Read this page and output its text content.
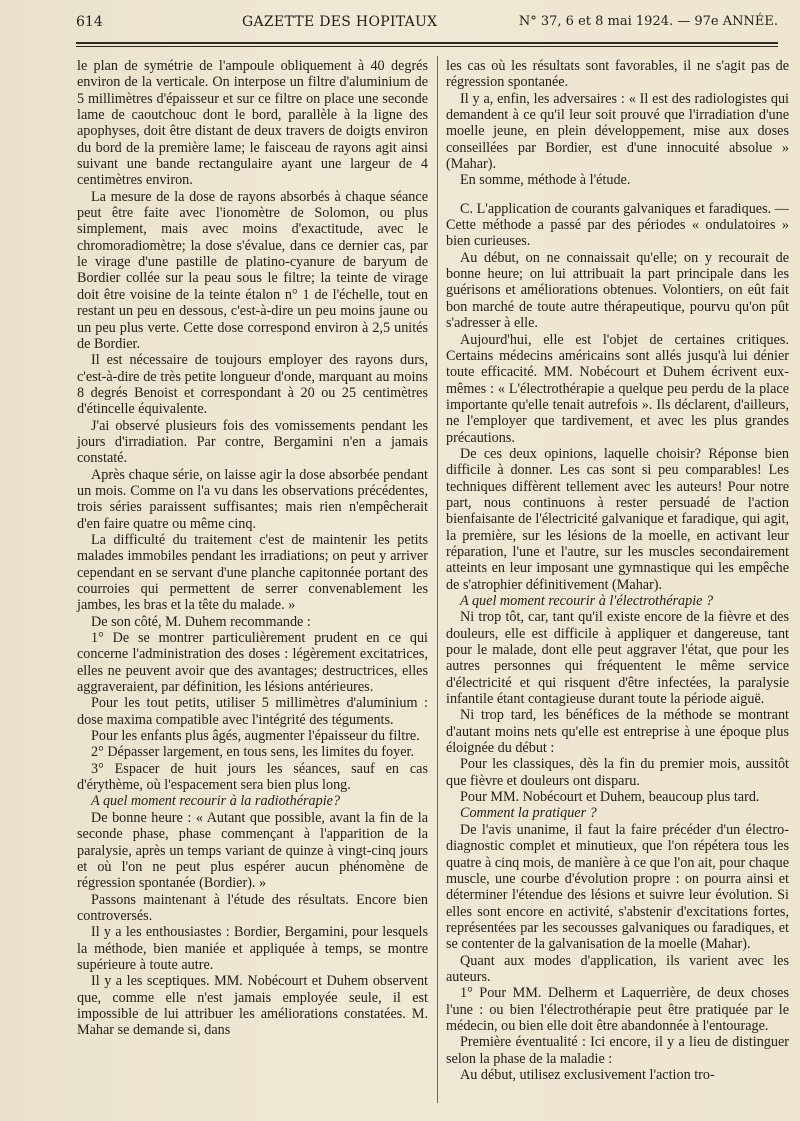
614	GAZETTE DES HOPITAUX	N° 37, 6 et 8 mai 1924. — 97e ANNÉE.

le plan de symétrie de l'ampoule obliquement à 40 degrés environ de la verticale. On interpose un filtre d'aluminium de 5 millimètres d'épaisseur et sur ce filtre on place une seconde lame de caoutchouc dont le bord, parallèle à la ligne des apophyses, doit être distant de deux travers de doigts environ du bord de la première lame; le faisceau de rayons agit ainsi suivant une bande rectangulaire ayant une largeur de 4 centimètres environ.

La mesure de la dose de rayons absorbés à chaque séance peut être faite avec l'ionomètre de Solomon, ou plus simplement, mais avec moins d'exactitude, avec le chromoradiomètre; la dose s'évalue, dans ce dernier cas, par le virage d'une pastille de platino-cyanure de baryum de Bordier collée sur la peau sous le filtre; la teinte de virage doit être voisine de la teinte étalon n° 1 de l'échelle, tout en restant un peu en dessous, c'est-à-dire un peu moins jaune ou un peu plus verte. Cette dose correspond environ à 2,5 unités de Bordier.

Il est nécessaire de toujours employer des rayons durs, c'est-à-dire de très petite longueur d'onde, marquant au moins 8 degrés Benoist et correspondant à 20 ou 25 centimètres d'étincelle équivalente.

J'ai observé plusieurs fois des vomissements pendant les jours d'irradiation. Par contre, Bergamini n'en a jamais constaté.

Après chaque série, on laisse agir la dose absorbée pendant un mois. Comme on l'a vu dans les observations précédentes, trois séries paraissent suffisantes; mais rien n'empêcherait d'en faire quatre ou même cinq.

La difficulté du traitement c'est de maintenir les petits malades immobiles pendant les irradiations; on peut y arriver cependant en se servant d'une planche capitonnée portant des courroies qui permettent de serrer convenablement les jambes, les bras et la tête du malade. »

De son côté, M. Duhem recommande :

1° De se montrer particulièrement prudent en ce qui concerne l'administration des doses : légèrement excitatrices, elles ne peuvent avoir que des avantages; destructrices, elles aggraveraient, par définition, les lésions antérieures.

Pour les tout petits, utiliser 5 millimètres d'aluminium : dose maxima compatible avec l'intégrité des téguments.

Pour les enfants plus âgés, augmenter l'épaisseur du filtre.

2° Dépasser largement, en tous sens, les limites du foyer.

3° Espacer de huit jours les séances, sauf en cas d'érythème, où l'espacement sera bien plus long.

A quel moment recourir à la radiothérapie?

De bonne heure : « Autant que possible, avant la fin de la seconde phase, phase commençant à l'apparition de la paralysie, après un temps variant de quinze à vingt-cinq jours et où l'on ne peut plus espérer aucun phénomène de régression spontanée (Bordier). »

Passons maintenant à l'étude des résultats. Encore bien controversés.

Il y a les enthousiastes : Bordier, Bergamini, pour lesquels la méthode, bien maniée et appliquée à temps, se montre supérieure à toute autre.

Il y a les sceptiques. MM. Nobécourt et Duhem observent que, comme elle n'est jamais employée seule, il est impossible de lui attribuer les améliorations constatées. M. Mahar se demande si, dans

les cas où les résultats sont favorables, il ne s'agit pas de régression spontanée.

Il y a, enfin, les adversaires : « Il est des radiologistes qui demandent à ce qu'il leur soit prouvé que l'irradiation d'une moelle jeune, en plein développement, mise aux doses conseillées par Bordier, est d'une innocuité absolue » (Mahar).

En somme, méthode à l'étude.

C. L'application de courants galvaniques et faradiques. — Cette méthode a passé par des périodes « ondulatoires » bien curieuses.

Au début, on ne connaissait qu'elle; on y recourait de bonne heure; on lui attribuait la part principale dans les guérisons et améliorations obtenues. Volontiers, on eût fait bon marché de toute autre thérapeutique, pourvu qu'on pût s'adresser à elle.

Aujourd'hui, elle est l'objet de certaines critiques. Certains médecins américains sont allés jusqu'à lui dénier toute efficacité. MM. Nobécourt et Duhem écrivent eux-mêmes : « L'électrothérapie a quelque peu perdu de la place importante qu'elle tenait autrefois ». Ils déclarent, d'ailleurs, ne l'employer que tardivement, et avec les plus grandes précautions.

De ces deux opinions, laquelle choisir? Réponse bien difficile à donner. Les cas sont si peu comparables! Les techniques diffèrent tellement avec les auteurs! Pour notre part, nous continuons à rester persuadé de l'action bienfaisante de l'électricité galvanique et faradique, qui agit, la première, sur les lésions de la moelle, en activant leur réparation, l'une et l'autre, sur les muscles secondairement atteints en leur imposant une gymnastique qui les empêche de s'atrophier définitivement (Mahar).

A quel moment recourir à l'électrothérapie ?

Ni trop tôt, car, tant qu'il existe encore de la fièvre et des douleurs, elle est difficile à appliquer et dangereuse, tant pour le malade, dont elle peut aggraver l'état, que pour les autres personnes qui fréquentent le même service d'électricité et qui risquent d'être infectées, la paralysie infantile étant contagieuse durant toute la période aiguë.

Ni trop tard, les bénéfices de la méthode se montrant d'autant moins nets qu'elle est entreprise à une époque plus éloignée du début :

Pour les classiques, dès la fin du premier mois, aussitôt que fièvre et douleurs ont disparu.

Pour MM. Nobécourt et Duhem, beaucoup plus tard.

Comment la pratiquer ?

De l'avis unanime, il faut la faire précéder d'un électro-diagnostic complet et minutieux, que l'on répétera tous les quatre à cinq mois, de manière à ce que l'on ait, pour chaque muscle, une courbe d'évolution propre : on pourra ainsi et déterminer l'étendue des lésions et suivre leur évolution. Si elles sont encore en activité, s'abstenir d'excitations fortes, représentées par les secousses galvaniques ou faradiques, et se contenter de la galvanisation de la moelle (Mahar).

Quant aux modes d'application, ils varient avec les auteurs.

1° Pour MM. Delherm et Laquerrière, de deux choses l'une : ou bien l'électrothérapie peut être pratiquée par le médecin, ou bien elle doit être abandonnée à l'entourage.

Première éventualité : Ici encore, il y a lieu de distinguer selon la phase de la maladie :

Au début, utilisez exclusivement l'action tro-
